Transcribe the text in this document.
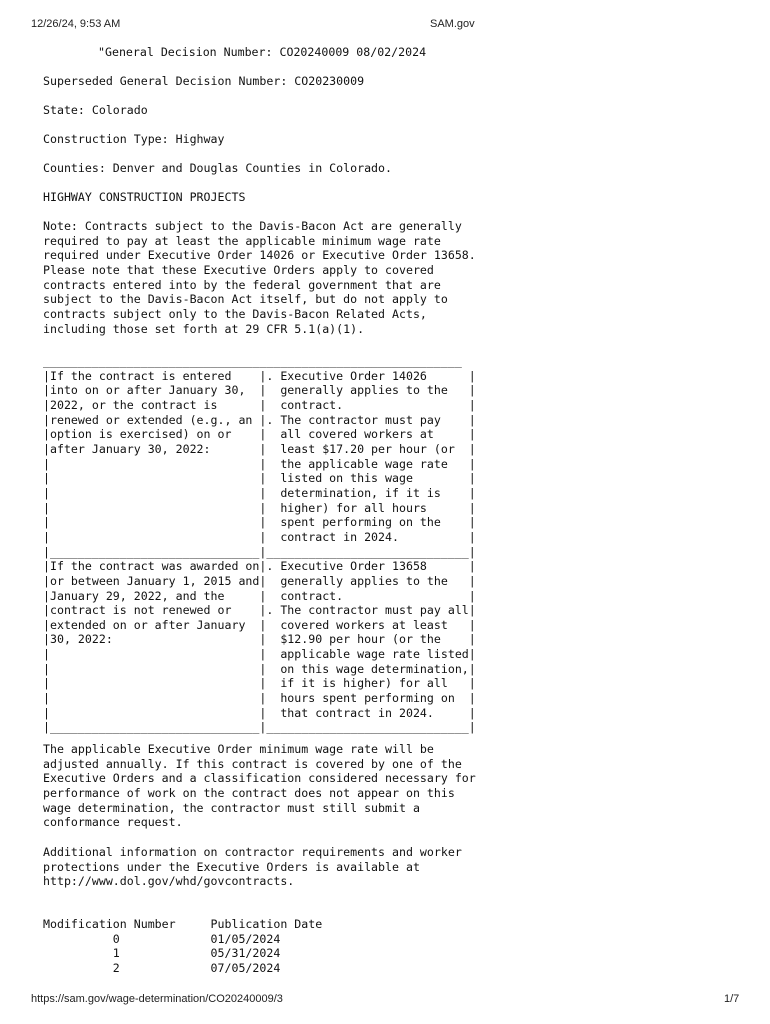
12/26/24, 9:53 AM	SAM.gov
"General Decision Number: CO20240009 08/02/2024
Superseded General Decision Number: CO20230009
State: Colorado
Construction Type: Highway
Counties: Denver and Douglas Counties in Colorado.
HIGHWAY CONSTRUCTION PROJECTS
Note: Contracts subject to the Davis-Bacon Act are generally
required to pay at least the applicable minimum wage rate
required under Executive Order 14026 or Executive Order 13658.
Please note that these Executive Orders apply to covered
contracts entered into by the federal government that are
subject to the Davis-Bacon Act itself, but do not apply to
contracts subject only to the Davis-Bacon Related Acts,
including those set forth at 29 CFR 5.1(a)(1).
____________________________________________________________
|If the contract is entered    |. Executive Order 14026      |
|into on or after January 30,  |  generally applies to the   |
|2022, or the contract is      |  contract.                  |
|renewed or extended (e.g., an |. The contractor must pay    |
|option is exercised) on or    |  all covered workers at     |
|after January 30, 2022:       |  least $17.20 per hour (or  |
|                              |  the applicable wage rate   |
|                              |  listed on this wage        |
|                              |  determination, if it is    |
|                              |  higher) for all hours      |
|                              |  spent performing on the    |
|                              |  contract in 2024.          |
|______________________________|_____________________________|
|If the contract was awarded on|. Executive Order 13658      |
|or between January 1, 2015 and|  generally applies to the   |
|January 29, 2022, and the     |  contract.                  |
|contract is not renewed or    |. The contractor must pay all|
|extended on or after January  |  covered workers at least   |
|30, 2022:                     |  $12.90 per hour (or the    |
|                              |  applicable wage rate listed|
|                              |  on this wage determination,|
|                              |  if it is higher) for all   |
|                              |  hours spent performing on  |
|                              |  that contract in 2024.     |
|______________________________|_____________________________|
The applicable Executive Order minimum wage rate will be
adjusted annually. If this contract is covered by one of the
Executive Orders and a classification considered necessary for
performance of work on the contract does not appear on this
wage determination, the contractor must still submit a
conformance request.
Additional information on contractor requirements and worker
protections under the Executive Orders is available at
http://www.dol.gov/whd/govcontracts.
Modification Number     Publication Date
0             01/05/2024
1             05/31/2024
2             07/05/2024
https://sam.gov/wage-determination/CO20240009/3	1/7
